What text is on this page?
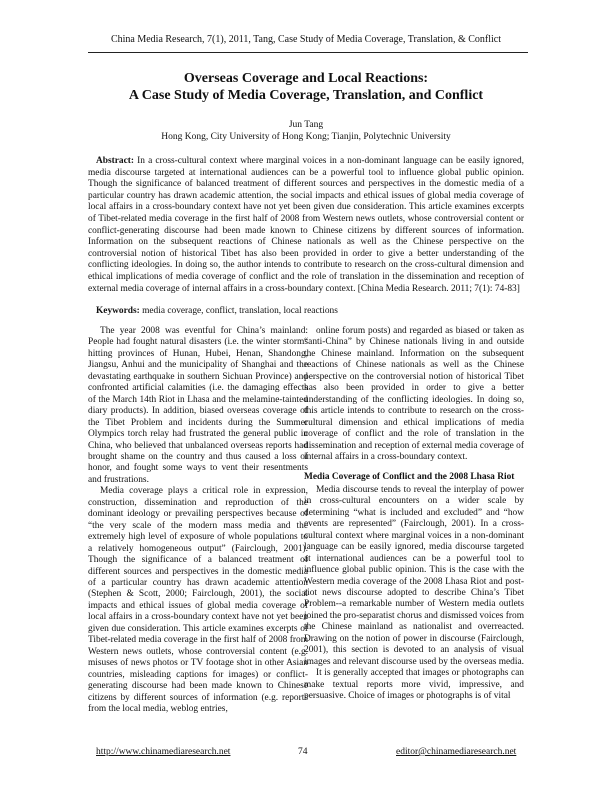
China Media Research, 7(1), 2011, Tang, Case Study of Media Coverage, Translation, & Conflict
Overseas Coverage and Local Reactions:
A Case Study of Media Coverage, Translation, and Conflict
Jun Tang
Hong Kong, City University of Hong Kong; Tianjin, Polytechnic University

Abstract: In a cross-cultural context where marginal voices in a non-dominant language can be easily ignored, media discourse targeted at international audiences can be a powerful tool to influence global public opinion. Though the significance of balanced treatment of different sources and perspectives in the domestic media of a particular country has drawn academic attention, the social impacts and ethical issues of global media coverage of local affairs in a cross-boundary context have not yet been given due consideration. This article examines excerpts of Tibet-related media coverage in the first half of 2008 from Western news outlets, whose controversial content or conflict-generating discourse had been made known to Chinese citizens by different sources of information. Information on the subsequent reactions of Chinese nationals as well as the Chinese perspective on the controversial notion of historical Tibet has also been provided in order to give a better understanding of the conflicting ideologies. In doing so, the author intends to contribute to research on the cross-cultural dimension and ethical implications of media coverage of conflict and the role of translation in the dissemination and reception of external media coverage of internal affairs in a cross-boundary context. [China Media Research. 2011; 7(1): 74-83]

Keywords: media coverage, conflict, translation, local reactions

The year 2008 was eventful for China’s mainland: People had fought natural disasters (i.e. the winter storms hitting provinces of Hunan, Hubei, Henan, Shandong, Jiangsu, Anhui and the municipality of Shanghai and the devastating earthquake in southern Sichuan Province) and confronted artificial calamities (i.e. the damaging effects of the March 14th Riot in Lhasa and the melamine-tainted diary products). In addition, biased overseas coverage of the Tibet Problem and incidents during the Summer Olympics torch relay had frustrated the general public in China, who believed that unbalanced overseas reports had brought shame on the country and thus caused a loss of honor, and fought some ways to vent their resentments and frustrations.

Media coverage plays a critical role in expression, construction, dissemination and reproduction of the dominant ideology or prevailing perspectives because of “the very scale of the modern mass media and the extremely high level of exposure of whole populations to a relatively homogeneous output” (Fairclough, 2001). Though the significance of a balanced treatment of different sources and perspectives in the domestic media of a particular country has drawn academic attention (Stephen & Scott, 2000; Fairclough, 2001), the social impacts and ethical issues of global media coverage of local affairs in a cross-boundary context have not yet been given due consideration. This article examines excerpts of Tibet-related media coverage in the first half of 2008 from Western news outlets, whose controversial content (e.g. misuses of news photos or TV footage shot in other Asian countries, misleading captions for images) or conflict-generating discourse had been made known to Chinese citizens by different sources of information (e.g. reports from the local media, weblog entries,

online forum posts) and regarded as biased or taken as “anti-China” by Chinese nationals living in and outside the Chinese mainland. Information on the subsequent reactions of Chinese nationals as well as the Chinese perspective on the controversial notion of historical Tibet has also been provided in order to give a better understanding of the conflicting ideologies. In doing so, this article intends to contribute to research on the cross-cultural dimension and ethical implications of media coverage of conflict and the role of translation in the dissemination and reception of external media coverage of internal affairs in a cross-boundary context.

Media Coverage of Conflict and the 2008 Lhasa Riot

Media discourse tends to reveal the interplay of power in cross-cultural encounters on a wider scale by determining “what is included and excluded” and “how events are represented” (Fairclough, 2001). In a cross-cultural context where marginal voices in a non-dominant language can be easily ignored, media discourse targeted at international audiences can be a powerful tool to influence global public opinion. This is the case with the Western media coverage of the 2008 Lhasa Riot and post-riot news discourse adopted to describe China’s Tibet Problem--a remarkable number of Western media outlets joined the pro-separatist chorus and dismissed voices from the Chinese mainland as nationalist and overreacted. Drawing on the notion of power in discourse (Fairclough, 2001), this section is devoted to an analysis of visual images and relevant discourse used by the overseas media.

It is generally accepted that images or photographs can make textual reports more vivid, impressive, and persuasive. Choice of images or photographs is of vital

http://www.chinamediaresearch.net	74	editor@chinamediaresearch.net
